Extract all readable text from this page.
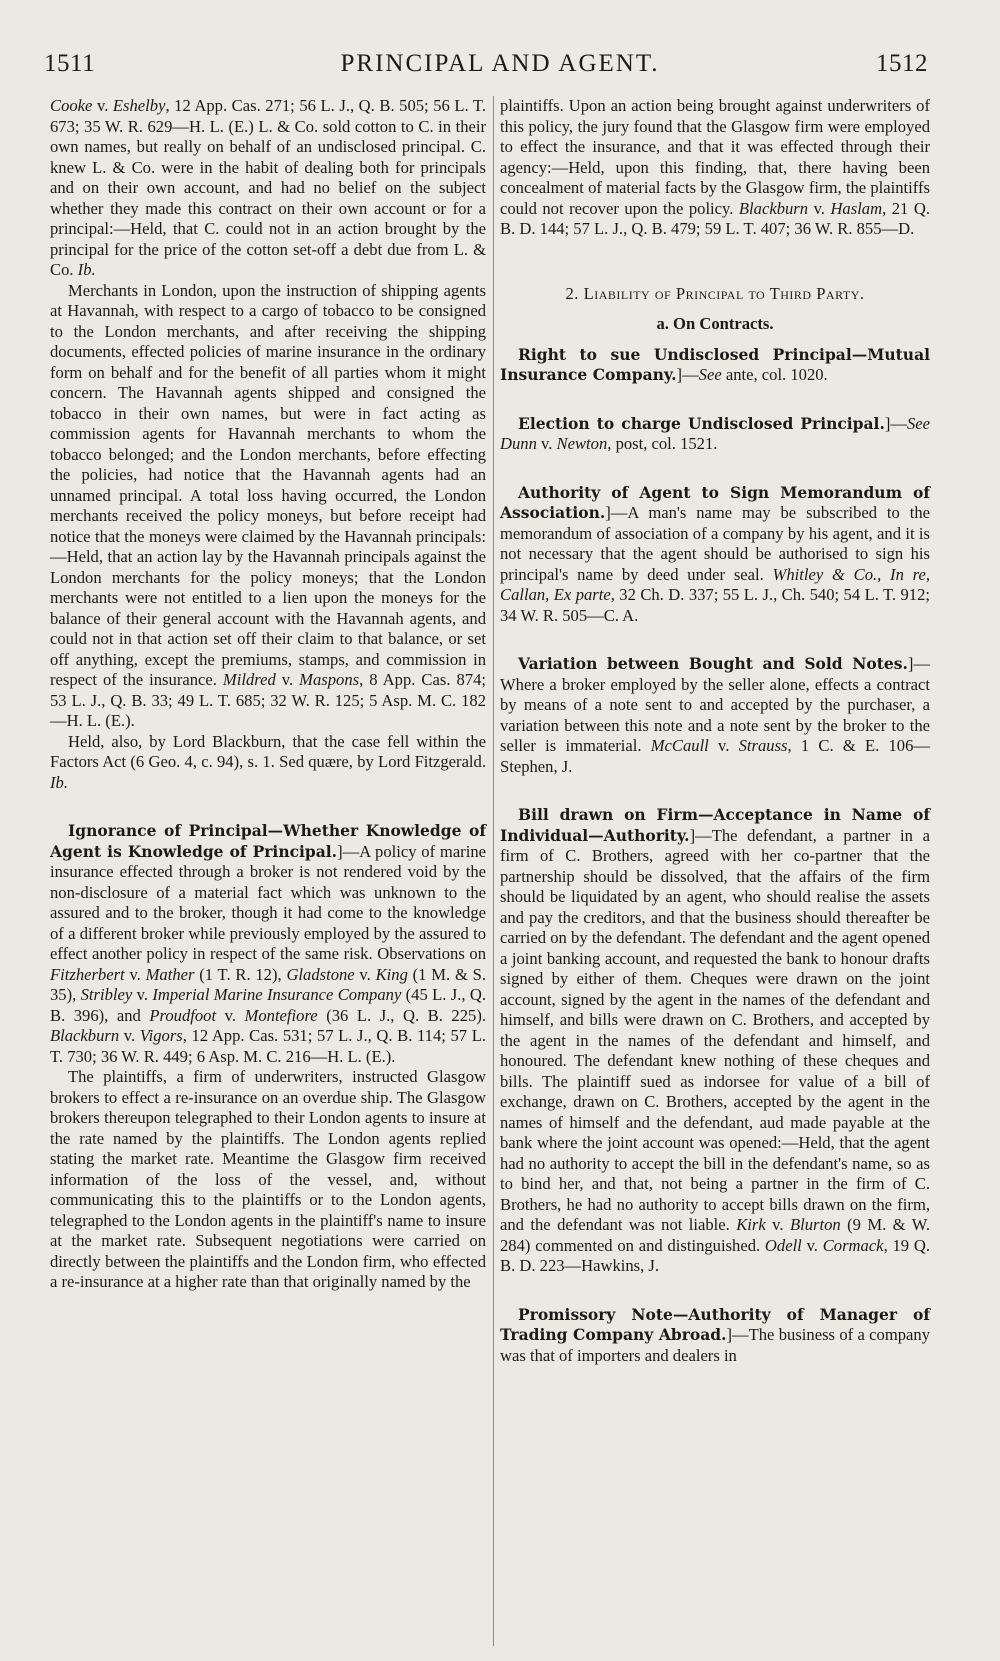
1511	PRINCIPAL AND AGENT.	1512

Cooke v. Eshelby, 12 App. Cas. 271; 56 L. J., Q. B. 505; 56 L. T. 673; 35 W. R. 629—H. L. (E.) L. & Co. sold cotton to C. in their own names, but really on behalf of an undisclosed principal. C. knew L. & Co. were in the habit of dealing both for principals and on their own account, and had no belief on the subject whether they made this contract on their own account or for a principal:—Held, that C. could not in an action brought by the principal for the price of the cotton set-off a debt due from L. & Co. Ib.

Merchants in London, upon the instruction of shipping agents at Havannah, with respect to a cargo of tobacco to be consigned to the London merchants, and after receiving the shipping documents, effected policies of marine insurance in the ordinary form on behalf and for the benefit of all parties whom it might concern. The Havannah agents shipped and consigned the tobacco in their own names, but were in fact acting as commission agents for Havannah merchants to whom the tobacco belonged; and the London merchants, before effecting the policies, had notice that the Havannah agents had an unnamed principal. A total loss having occurred, the London merchants received the policy moneys, but before receipt had notice that the moneys were claimed by the Havannah principals:—Held, that an action lay by the Havannah principals against the London merchants for the policy moneys; that the London merchants were not entitled to a lien upon the moneys for the balance of their general account with the Havannah agents, and could not in that action set off their claim to that balance, or set off anything, except the premiums, stamps, and commission in respect of the insurance. Mildred v. Maspons, 8 App. Cas. 874; 53 L. J., Q. B. 33; 49 L. T. 685; 32 W. R. 125; 5 Asp. M. C. 182—H. L. (E.).

Held, also, by Lord Blackburn, that the case fell within the Factors Act (6 Geo. 4, c. 94), s. 1. Sed quære, by Lord Fitzgerald. Ib.

Ignorance of Principal—Whether Knowledge of Agent is Knowledge of Principal.]—A policy of marine insurance effected through a broker is not rendered void by the non-disclosure of a material fact which was unknown to the assured and to the broker, though it had come to the knowledge of a different broker while previously employed by the assured to effect another policy in respect of the same risk. Observations on Fitzherbert v. Mather (1 T. R. 12), Gladstone v. King (1 M. & S. 35), Stribley v. Imperial Marine Insurance Company (45 L. J., Q. B. 396), and Proudfoot v. Montefiore (36 L. J., Q. B. 225). Blackburn v. Vigors, 12 App. Cas. 531; 57 L. J., Q. B. 114; 57 L. T. 730; 36 W. R. 449; 6 Asp. M. C. 216—H. L. (E.).

The plaintiffs, a firm of underwriters, instructed Glasgow brokers to effect a re-insurance on an overdue ship. The Glasgow brokers thereupon telegraphed to their London agents to insure at the rate named by the plaintiffs. The London agents replied stating the market rate. Meantime the Glasgow firm received information of the loss of the vessel, and, without communicating this to the plaintiffs or to the London agents, telegraphed to the London agents in the plaintiff's name to insure at the market rate. Subsequent negotiations were carried on directly between the plaintiffs and the London firm, who effected a re-insurance at a higher rate than that originally named by the

plaintiffs. Upon an action being brought against underwriters of this policy, the jury found that the Glasgow firm were employed to effect the insurance, and that it was effected through their agency:—Held, upon this finding, that, there having been concealment of material facts by the Glasgow firm, the plaintiffs could not recover upon the policy. Blackburn v. Haslam, 21 Q. B. D. 144; 57 L. J., Q. B. 479; 59 L. T. 407; 36 W. R. 855—D.

2. Liability of Principal to Third Party.

a. On Contracts.

Right to sue Undisclosed Principal—Mutual Insurance Company.]—See ante, col. 1020.

Election to charge Undisclosed Principal.]—See Dunn v. Newton, post, col. 1521.

Authority of Agent to Sign Memorandum of Association.]—A man's name may be subscribed to the memorandum of association of a company by his agent, and it is not necessary that the agent should be authorised to sign his principal's name by deed under seal. Whitley & Co., In re, Callan, Ex parte, 32 Ch. D. 337; 55 L. J., Ch. 540; 54 L. T. 912; 34 W. R. 505—C. A.

Variation between Bought and Sold Notes.]—Where a broker employed by the seller alone, effects a contract by means of a note sent to and accepted by the purchaser, a variation between this note and a note sent by the broker to the seller is immaterial. McCaull v. Strauss, 1 C. & E. 106—Stephen, J.

Bill drawn on Firm—Acceptance in Name of Individual—Authority.]—The defendant, a partner in a firm of C. Brothers, agreed with her co-partner that the partnership should be dissolved, that the affairs of the firm should be liquidated by an agent, who should realise the assets and pay the creditors, and that the business should thereafter be carried on by the defendant. The defendant and the agent opened a joint banking account, and requested the bank to honour drafts signed by either of them. Cheques were drawn on the joint account, signed by the agent in the names of the defendant and himself, and bills were drawn on C. Brothers, and accepted by the agent in the names of the defendant and himself, and honoured. The defendant knew nothing of these cheques and bills. The plaintiff sued as indorsee for value of a bill of exchange, drawn on C. Brothers, accepted by the agent in the names of himself and the defendant, aud made payable at the bank where the joint account was opened:—Held, that the agent had no authority to accept the bill in the defendant's name, so as to bind her, and that, not being a partner in the firm of C. Brothers, he had no authority to accept bills drawn on the firm, and the defendant was not liable. Kirk v. Blurton (9 M. & W. 284) commented on and distinguished. Odell v. Cormack, 19 Q. B. D. 223—Hawkins, J.

Promissory Note—Authority of Manager of Trading Company Abroad.]—The business of a company was that of importers and dealers in
